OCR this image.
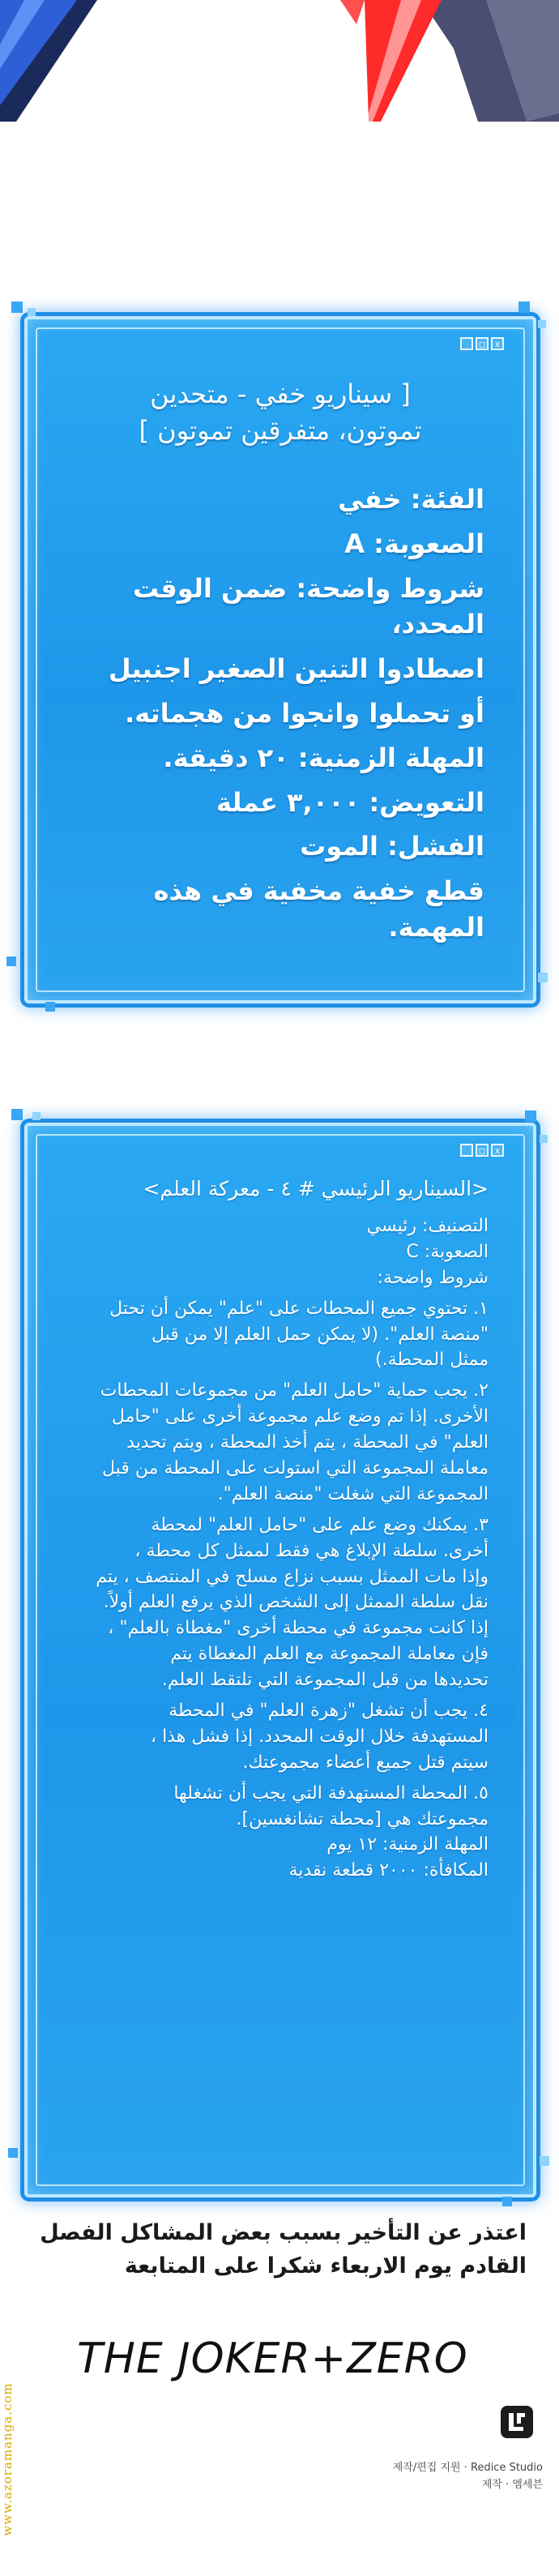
_	□	x
[ سيناريو خفي - متحدين
تموتون، متفرقين تموتون ]
الفئة: خفي
الصعوبة: A
شروط واضحة: ضمن الوقت المحدد،
اصطادوا التنين الصغير اجنبيل
أو تحملوا وانجوا من هجماته.
المهلة الزمنية: ٢٠ دقيقة.
التعويض: ٣,٠٠٠ عملة
الفشل: الموت
قطع خفية مخفية في هذه المهمة.
_	□	x
<السيناريو الرئيسي # ٤ - معركة العلم>
التصنيف: رئيسي
الصعوبة: C
شروط واضحة:
١. تحتوي جميع المحطات على "علم" يمكن أن تحتل
"منصة العلم". (لا يمكن حمل العلم إلا من قبل
ممثل المحطة.)
٢. يجب حماية "حامل العلم" من مجموعات المحطات
الأخرى. إذا تم وضع علم مجموعة أخرى على "حامل
العلم" في المحطة ، يتم أخذ المحطة ، ويتم تحديد
معاملة المجموعة التي استولت على المحطة من قبل
المجموعة التي شغلت "منصة العلم".
٣. يمكنك وضع علم على "حامل العلم" لمحطة
أخرى. سلطة الإبلاغ هي فقط لممثل كل محطة ،
وإذا مات الممثل بسبب نزاع مسلح في المنتصف ، يتم
نقل سلطة الممثل إلى الشخص الذي يرفع العلم أولاً.
إذا كانت مجموعة في محطة أخرى "مغطاة بالعلم" ،
فإن معاملة المجموعة مع العلم المغطاة يتم
تحديدها من قبل المجموعة التي تلتقط العلم.
٤. يجب أن تشغل "زهرة العلم" في المحطة
المستهدفة خلال الوقت المحدد. إذا فشل هذا ،
سيتم قتل جميع أعضاء مجموعتك.
٥. المحطة المستهدفة التي يجب أن تشغلها
مجموعتك هي [محطة تشانغسين].
المهلة الزمنية: ١٢ يوم
المكافأة: ٢٠٠٠ قطعة نقدية
اعتذر عن التأخير بسبب بعض المشاكل الفصل
القادم يوم الاربعاء شكرا على المتابعة
THE JOKER+ZERO
제작/편집 지원 · Redice Studio
제작 · 엠세븐
www.azoramanga.com
